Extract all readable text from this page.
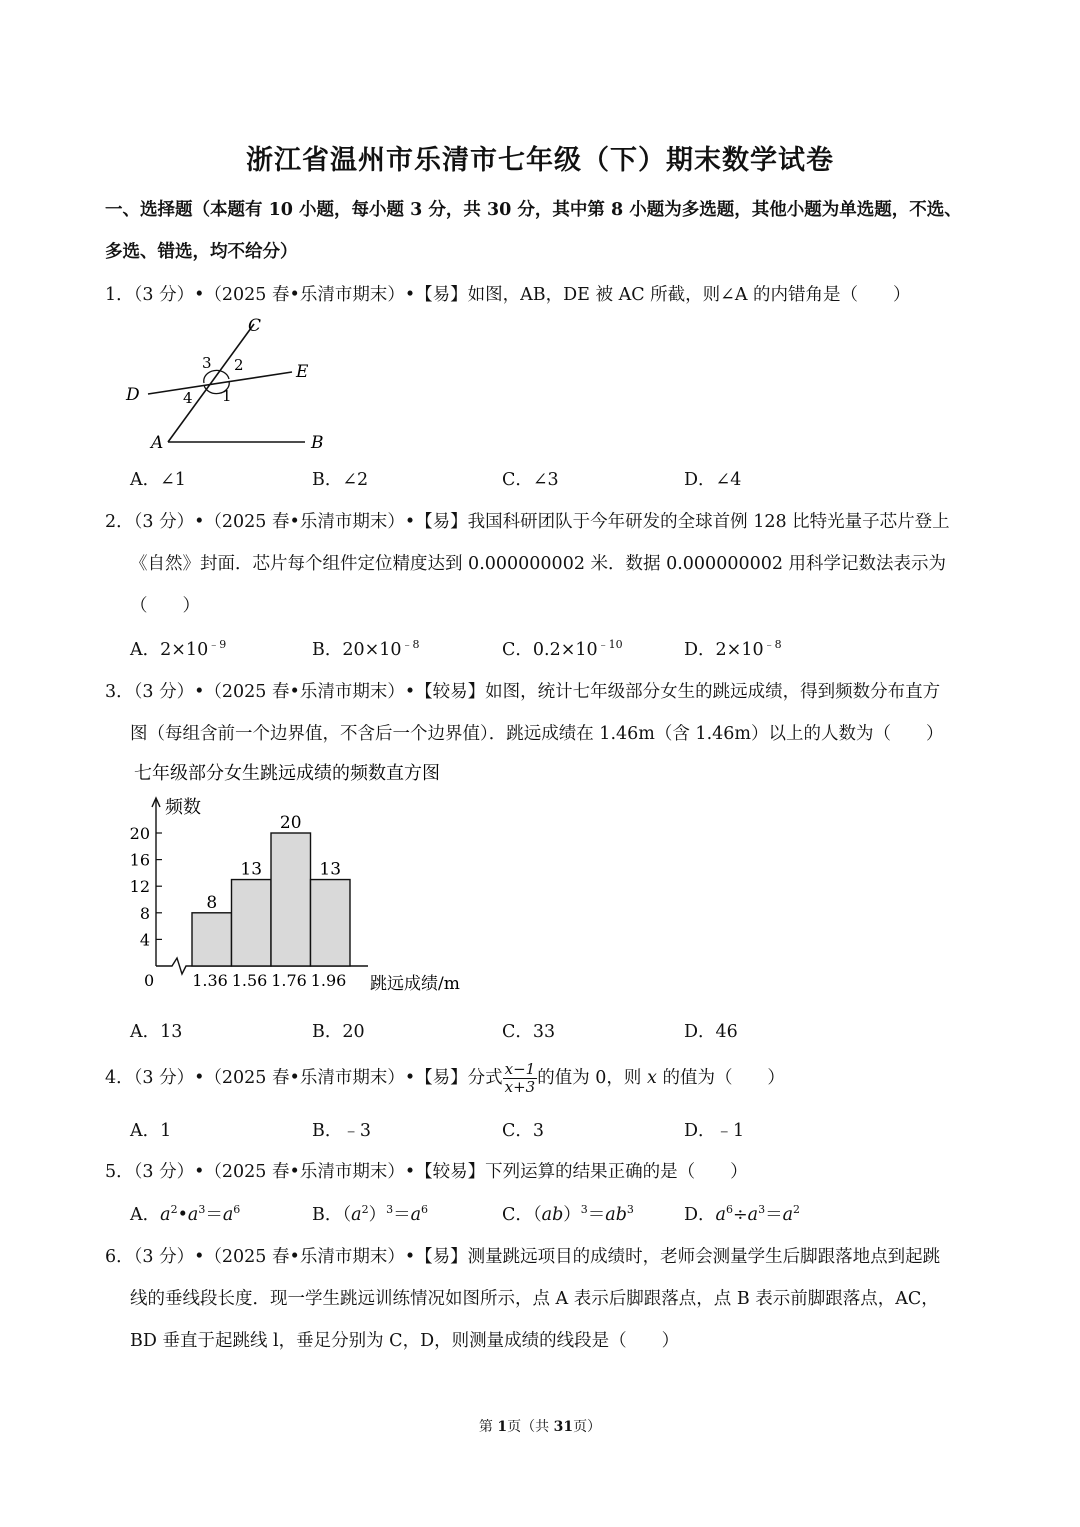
浙江省温州市乐清市七年级（下）期末数学试卷
一、选择题（本题有 10 小题，每小题 3 分，共 30 分，其中第 8 小题为多选题，其他小题为单选题，不选、
多选、错选，均不给分）
1．（3 分）•（2025 春•乐清市期末）•【易】如图，AB，DE 被 AC 所截，则∠A 的内错角是（　　）
C
E
D
A	B
1
2
3
4
A．∠1	B．∠2	C．∠3	D．∠4
2．（3 分）•（2025 春•乐清市期末）•【易】我国科研团队于今年研发的全球首例 128 比特光量子芯片登上
《自然》封面．芯片每个组件定位精度达到 0.000000002 米．数据 0.000000002 用科学记数法表示为
（　　）
A．$2\times 10^{﹣9}$	B．$20\times 10^{﹣8}$	C．$0.2\times 10^{﹣10}$	D．$2\times 10^{﹣8}$
3．（3 分）•（2025 春•乐清市期末）•【较易】如图，统计七年级部分女生的跳远成绩，得到频数分布直方
图（每组含前一个边界值，不含后一个边界值）．跳远成绩在 1.46m（含 1.46m）以上的人数为（　　）
七年级部分女生跳远成绩的频数直方图
频数
跳远成绩/m
0
4
8
12
16
20
8
13
20
13
1.36 1.56 1.76 1.96
A．13	B．20	C．33	D．46
4．（3 分）•（2025 春•乐清市期末）•【易】分式 $\frac{x-1}{x+3}$ 的值为 0，则 x 的值为（　　）
A．1	B．﹣3	C．3	D．﹣1
5．（3 分）•（2025 春•乐清市期末）•【较易】下列运算的结果正确的是（　　）
A．$a^2•a^3=a^6$	B．$(a^2)^3=a^6$	C．$(ab)^3=ab^3$	D．$a^6\div a^3=a^2$
6．（3 分）•（2025 春•乐清市期末）•【易】测量跳远项目的成绩时，老师会测量学生后脚跟落地点到起跳
线的垂线段长度．现一学生跳远训练情况如图所示，点 A 表示后脚跟落点，点 B 表示前脚跟落点，AC，
BD 垂直于起跳线 l，垂足分别为 C，D，则测量成绩的线段是（　　）
第 1页（共 31页）
